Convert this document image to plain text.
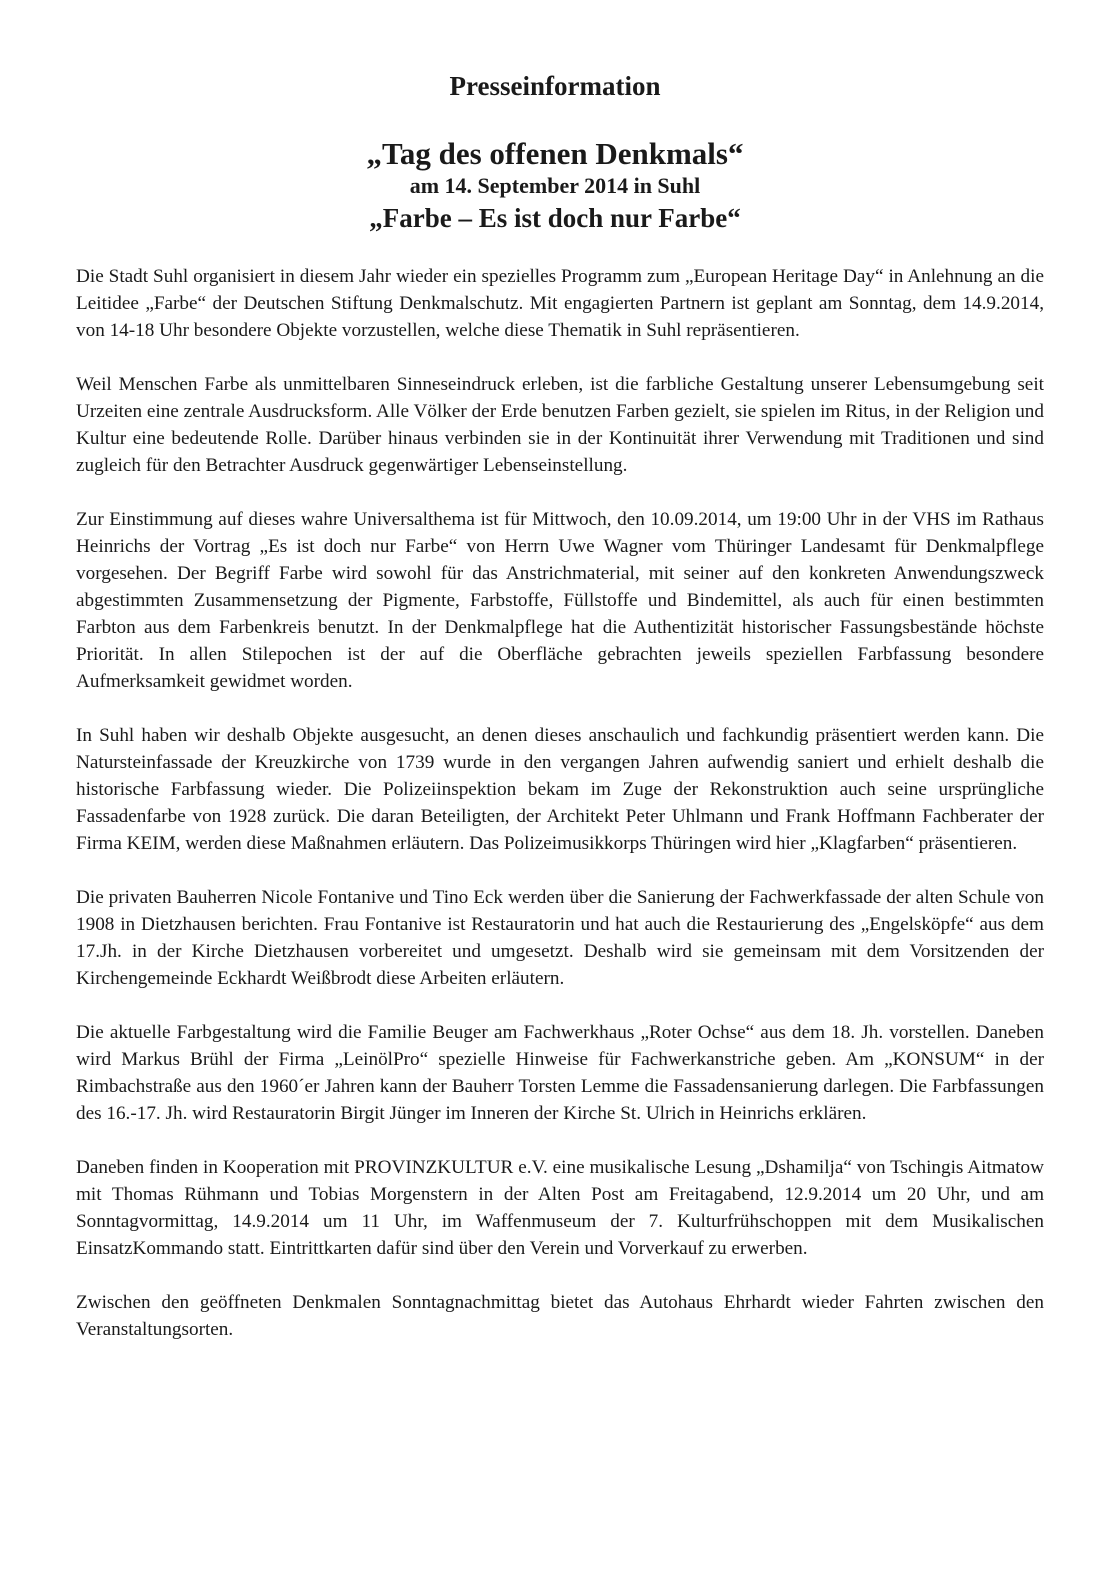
Presseinformation
„Tag des offenen Denkmals“
am 14. September 2014 in Suhl
„Farbe – Es ist doch nur Farbe“

Die Stadt Suhl organisiert in diesem Jahr wieder ein spezielles Programm zum „European Heritage Day“ in Anlehnung an die Leitidee „Farbe“ der Deutschen Stiftung Denkmalschutz. Mit engagierten Partnern ist geplant am Sonntag, dem 14.9.2014, von 14-18 Uhr besondere Objekte vorzustellen, welche diese Thematik in Suhl repräsentieren.

Weil Menschen Farbe als unmittelbaren Sinneseindruck erleben, ist die farbliche Gestaltung unserer Lebensumgebung seit Urzeiten eine zentrale Ausdrucksform. Alle Völker der Erde benutzen Farben gezielt, sie spielen im Ritus, in der Religion und Kultur eine bedeutende Rolle. Darüber hinaus verbinden sie in der Kontinuität ihrer Verwendung mit Traditionen und sind zugleich für den Betrachter Ausdruck gegenwärtiger Lebenseinstellung.

Zur Einstimmung auf dieses wahre Universalthema ist für Mittwoch, den 10.09.2014, um 19:00 Uhr in der VHS im Rathaus Heinrichs der Vortrag „Es ist doch nur Farbe“ von Herrn Uwe Wagner vom Thüringer Landesamt für Denkmalpflege vorgesehen. Der Begriff Farbe wird sowohl für das Anstrichmaterial, mit seiner auf den konkreten Anwendungszweck abgestimmten Zusammensetzung der Pigmente, Farbstoffe, Füllstoffe und Bindemittel, als auch für einen bestimmten Farbton aus dem Farbenkreis benutzt. In der Denkmalpflege hat die Authentizität historischer Fassungsbestände höchste Priorität. In allen Stilepochen ist der auf die Oberfläche gebrachten jeweils speziellen Farbfassung besondere Aufmerksamkeit gewidmet worden.

In Suhl haben wir deshalb Objekte ausgesucht, an denen dieses anschaulich und fachkundig präsentiert werden kann. Die Natursteinfassade der Kreuzkirche von 1739 wurde in den vergangen Jahren aufwendig saniert und erhielt deshalb die historische Farbfassung wieder. Die Polizeiinspektion bekam im Zuge der Rekonstruktion auch seine ursprüngliche Fassadenfarbe von 1928 zurück. Die daran Beteiligten, der Architekt Peter Uhlmann und Frank Hoffmann Fachberater der Firma KEIM, werden diese Maßnahmen erläutern. Das Polizeimusikkorps Thüringen wird hier „Klagfarben“ präsentieren.

Die privaten Bauherren Nicole Fontanive und Tino Eck werden über die Sanierung der Fachwerkfassade der alten Schule von 1908 in Dietzhausen berichten. Frau Fontanive ist Restauratorin und hat auch die Restaurierung des „Engelsköpfe“ aus dem 17.Jh. in der Kirche Dietzhausen vorbereitet und umgesetzt. Deshalb wird sie gemeinsam mit dem Vorsitzenden der Kirchengemeinde Eckhardt Weißbrodt diese Arbeiten erläutern.

Die aktuelle Farbgestaltung wird die Familie Beuger am Fachwerkhaus „Roter Ochse“ aus dem 18. Jh. vorstellen. Daneben wird Markus Brühl der Firma „LeinölPro“ spezielle Hinweise für Fachwerkanstriche geben. Am „KONSUM“ in der Rimbachstraße aus den 1960´er Jahren kann der Bauherr Torsten Lemme die Fassadensanierung darlegen. Die Farbfassungen des 16.-17. Jh. wird Restauratorin Birgit Jünger im Inneren der Kirche St. Ulrich in Heinrichs erklären.

Daneben finden in Kooperation mit PROVINZKULTUR e.V. eine musikalische Lesung „Dshamilja“ von Tschingis Aitmatow mit Thomas Rühmann und Tobias Morgenstern in der Alten Post am Freitagabend, 12.9.2014 um 20 Uhr, und am Sonntagvormittag, 14.9.2014 um 11 Uhr, im Waffenmuseum der 7. Kulturfrühschoppen mit dem Musikalischen EinsatzKommando statt. Eintrittkarten dafür sind über den Verein und Vorverkauf zu erwerben.

Zwischen den geöffneten Denkmalen Sonntagnachmittag bietet das Autohaus Ehrhardt wieder Fahrten zwischen den Veranstaltungsorten.
